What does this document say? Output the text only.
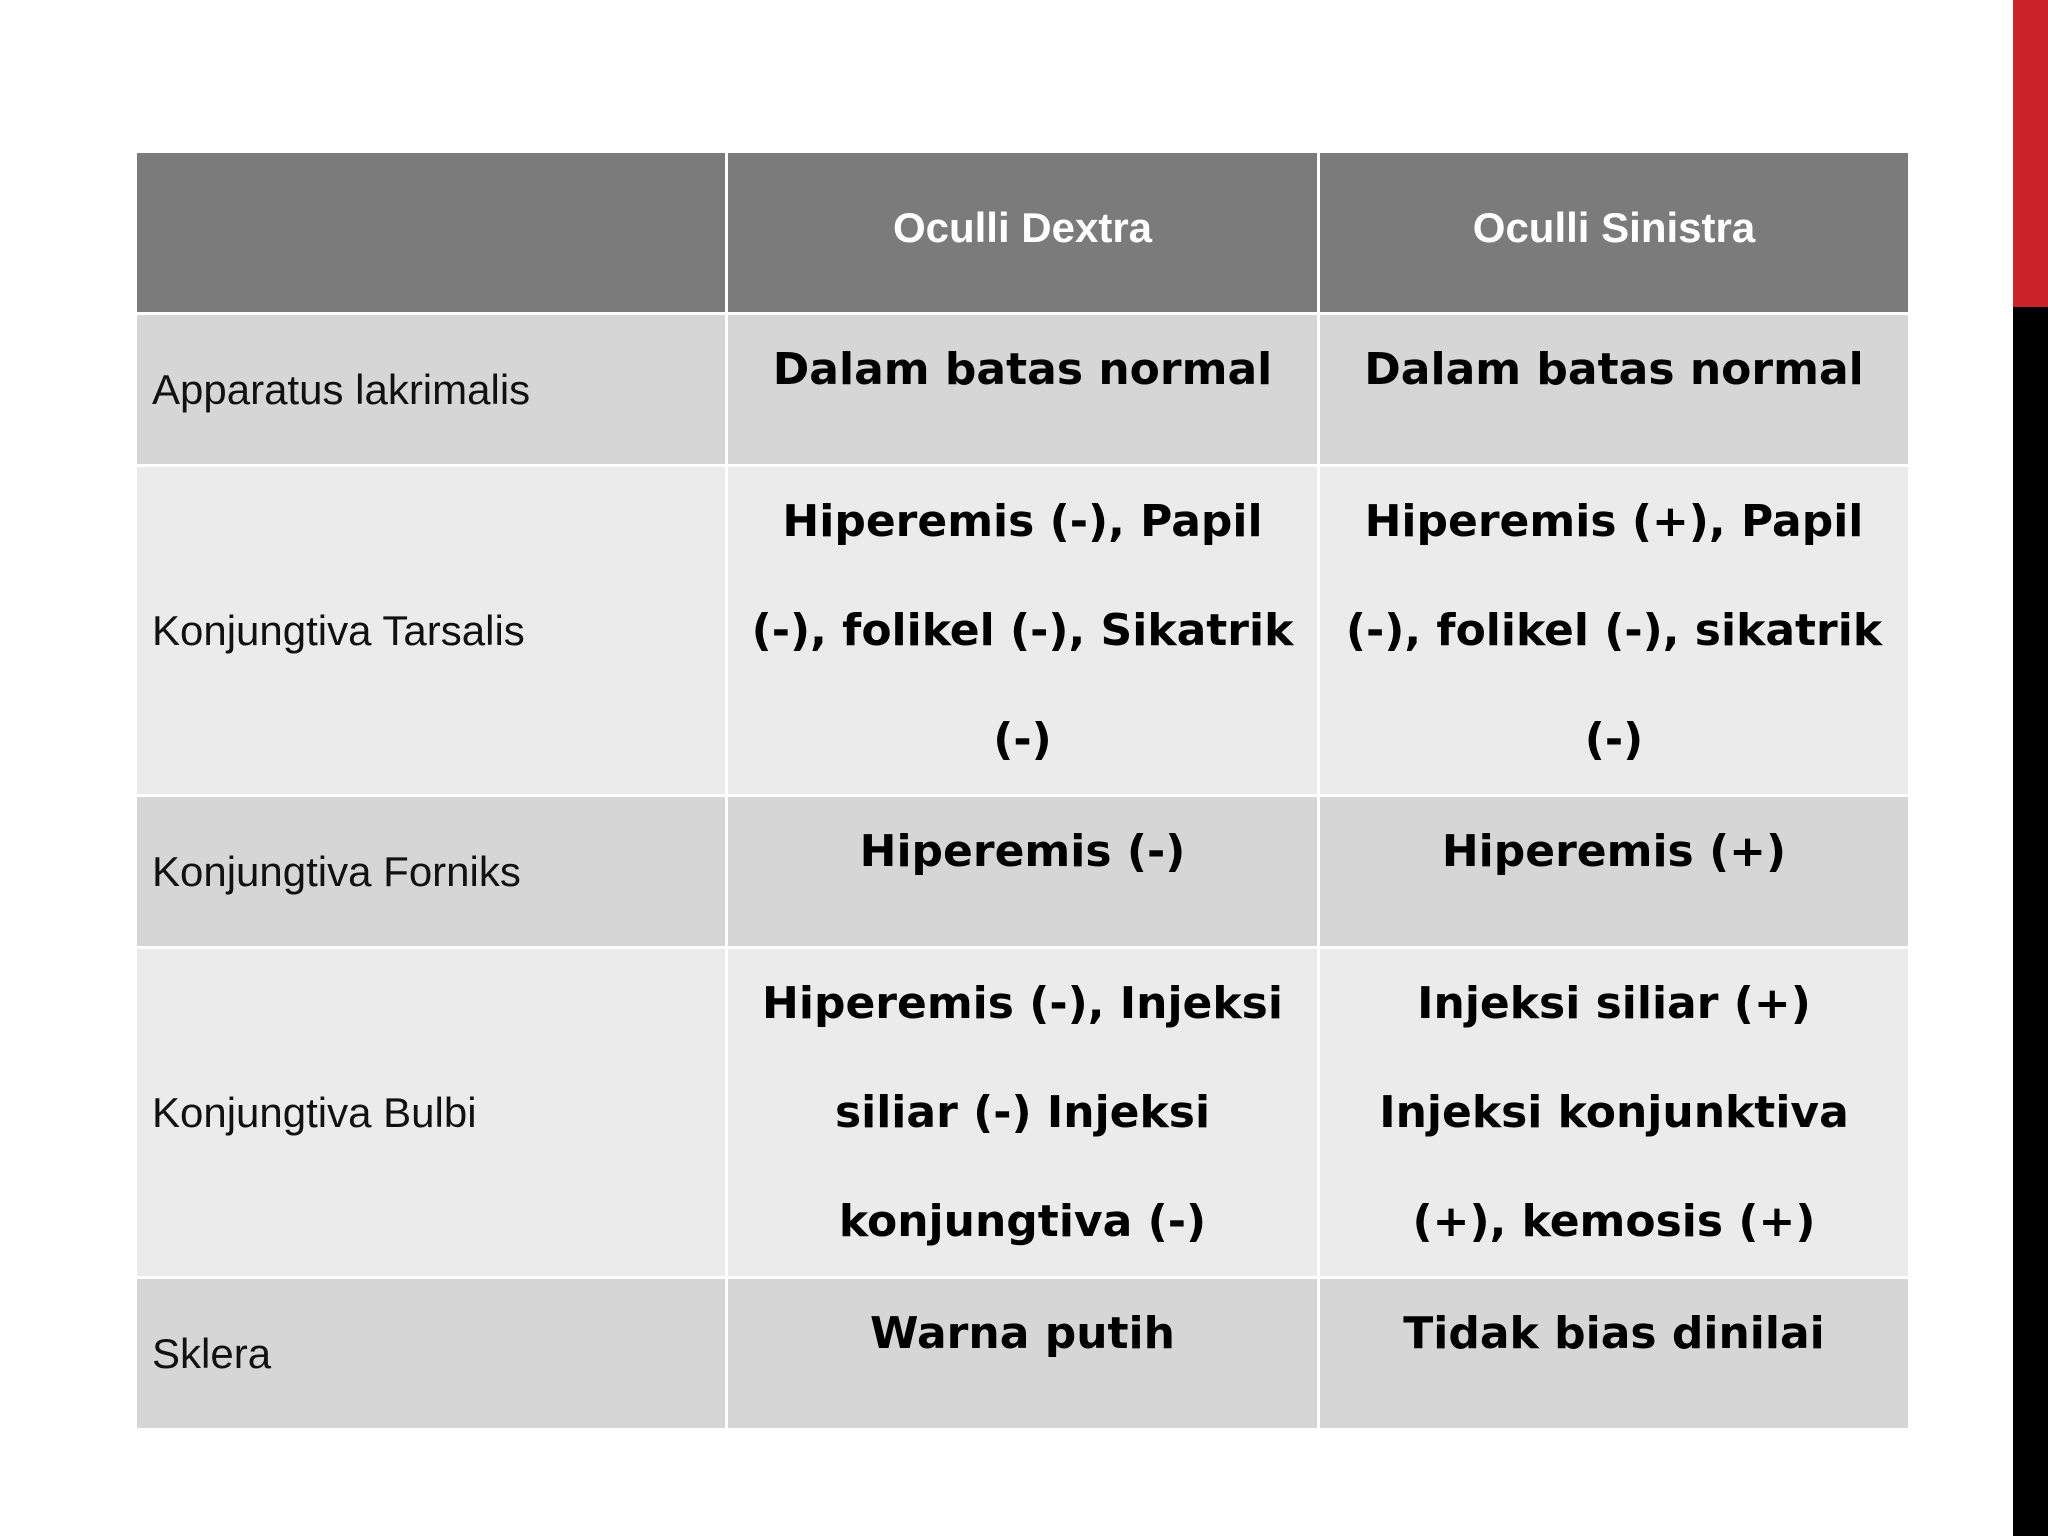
	Oculli Dextra	Oculli Sinistra
Apparatus lakrimalis	Dalam batas normal	Dalam batas normal
Konjungtiva Tarsalis	Hiperemis (-), Papil (-), folikel (-), Sikatrik (-)	Hiperemis (+), Papil (-), folikel (-), sikatrik (-)
Konjungtiva Forniks	Hiperemis (-)	Hiperemis (+)
Konjungtiva Bulbi	Hiperemis (-), Injeksi siliar (-) Injeksi konjungtiva (-)	Injeksi siliar (+) Injeksi konjunktiva (+), kemosis (+)
Sklera	Warna putih	Tidak bias dinilai
